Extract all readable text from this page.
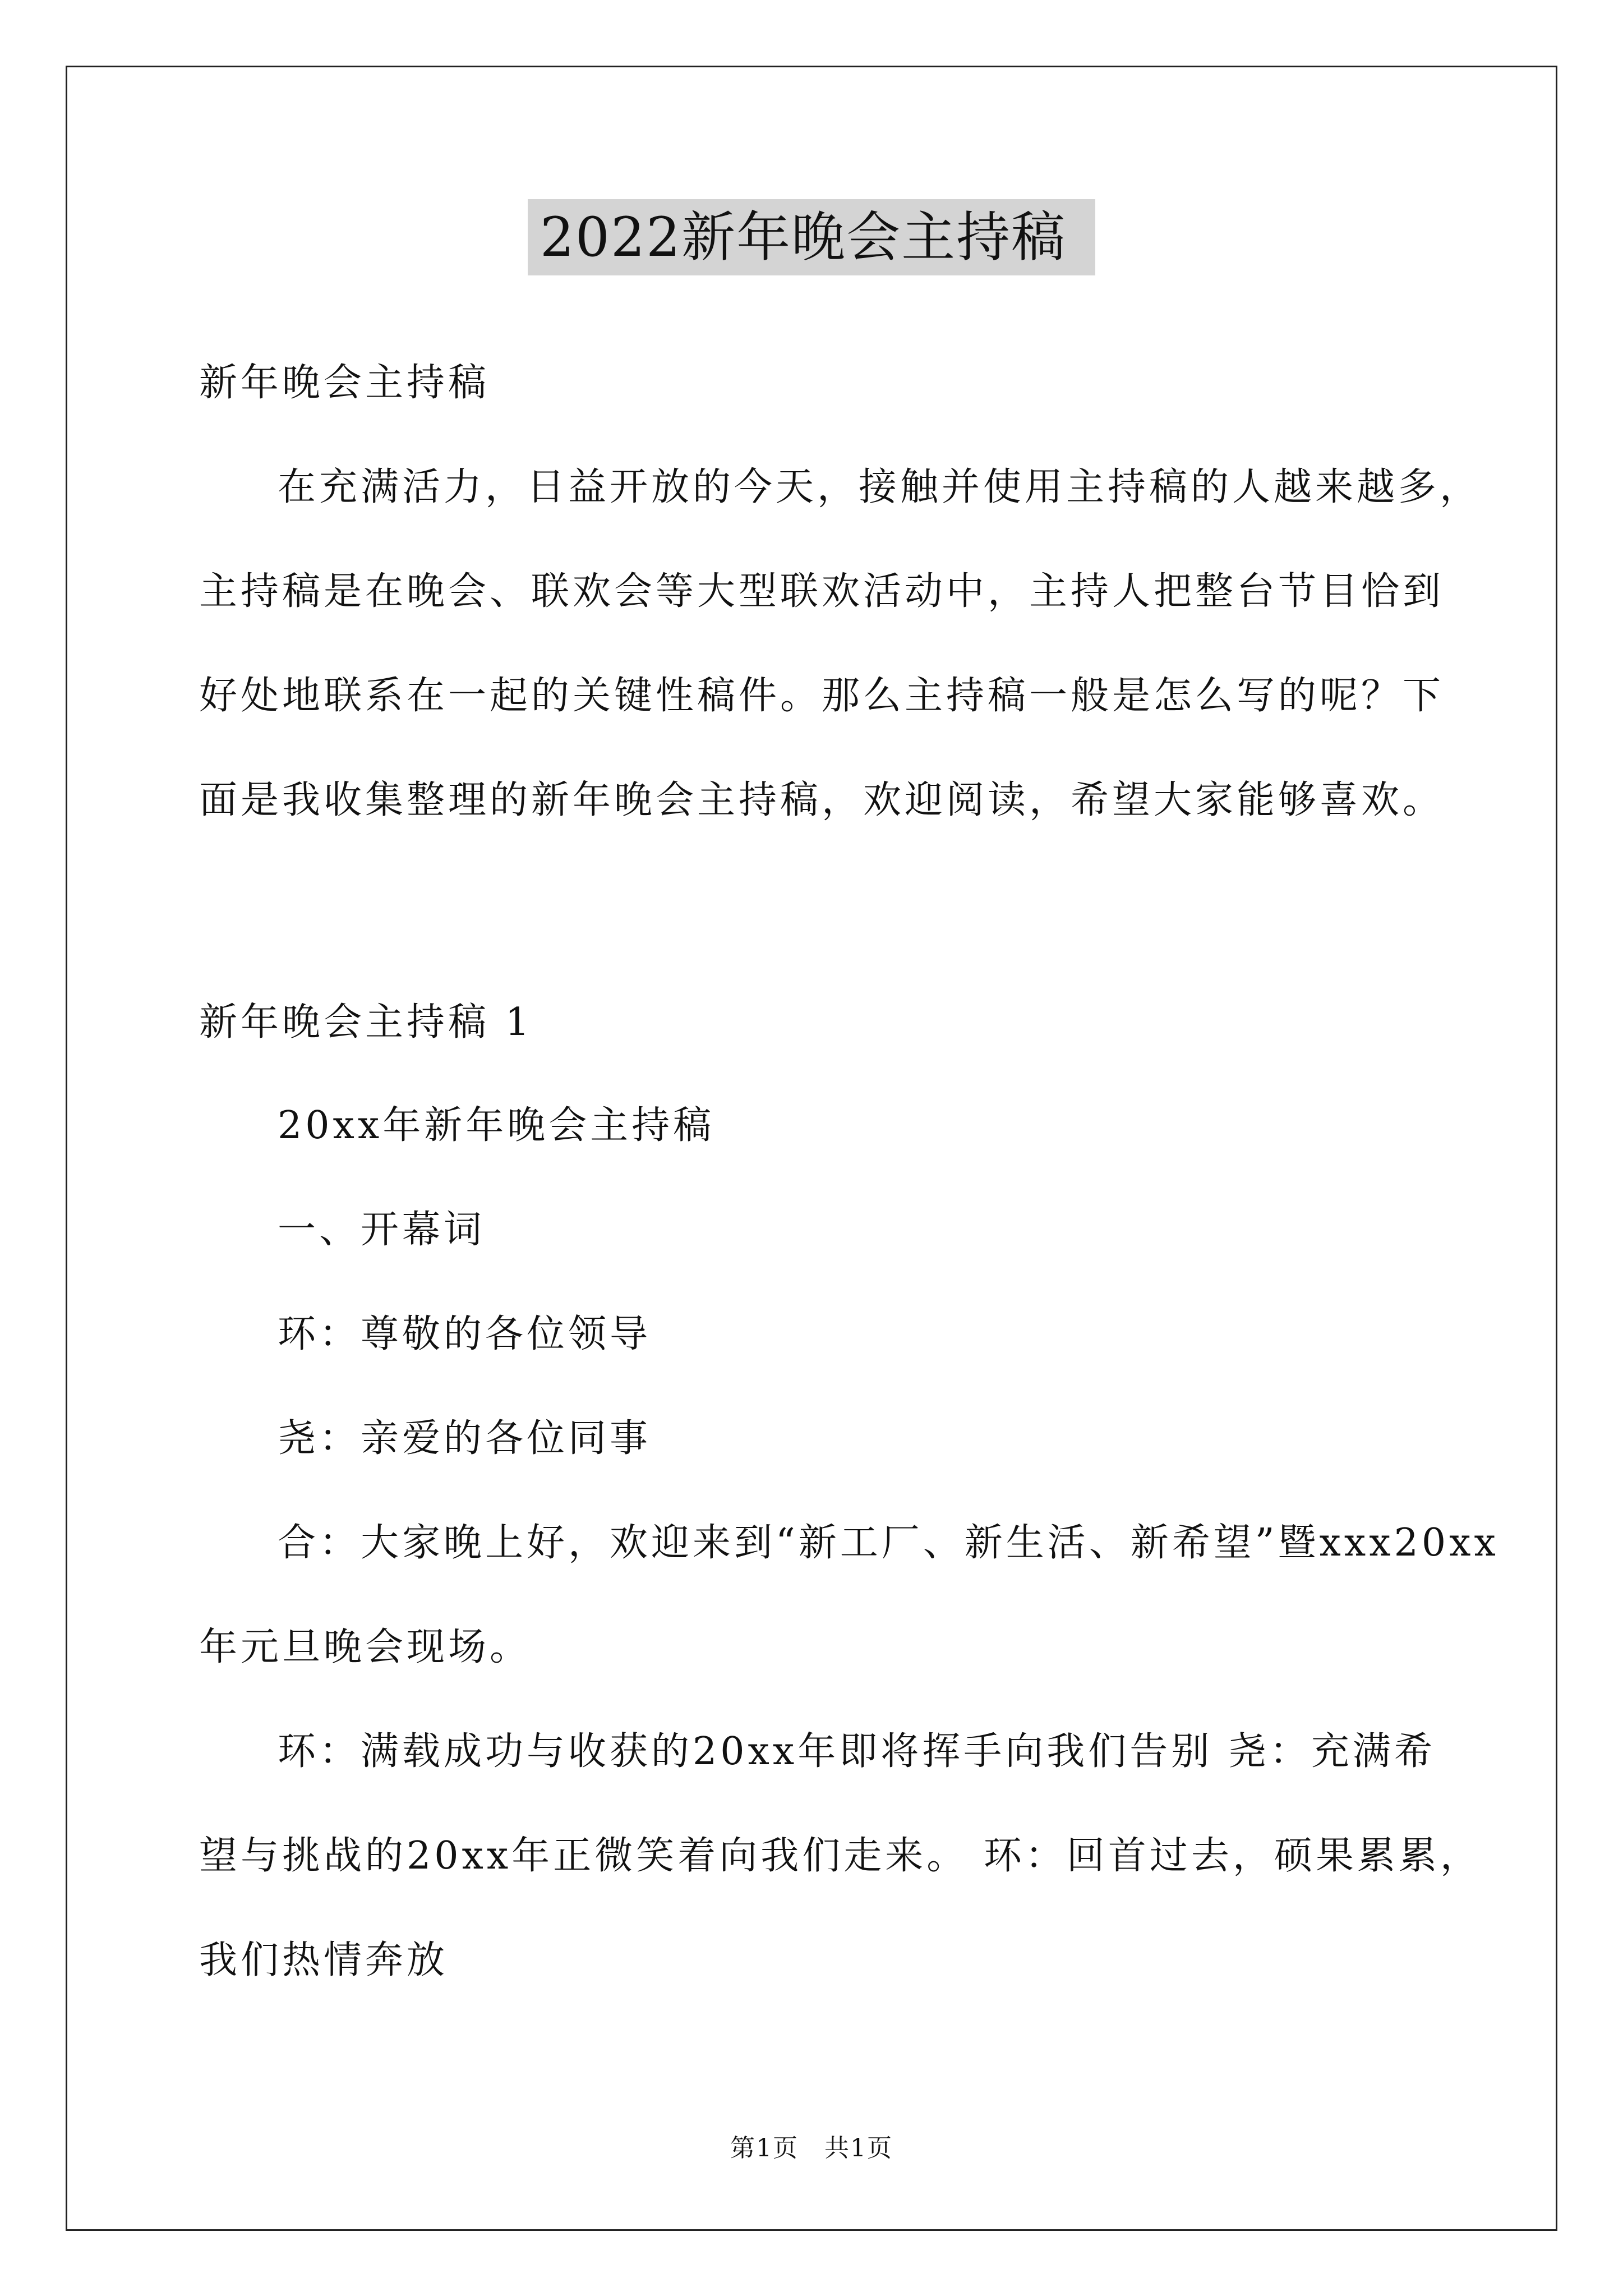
2022新年晚会主持稿

新年晚会主持稿

在充满活力，日益开放的今天，接触并使用主持稿的人越来越多，

主持稿是在晚会、联欢会等大型联欢活动中，主持人把整台节目恰到

好处地联系在一起的关键性稿件。那么主持稿一般是怎么写的呢？下

面是我收集整理的新年晚会主持稿，欢迎阅读，希望大家能够喜欢。

新年晚会主持稿 1

20xx年新年晚会主持稿

一、开幕词

环：尊敬的各位领导

尧：亲爱的各位同事

合：大家晚上好，欢迎来到“新工厂、新生活、新希望”暨xxx20xx

年元旦晚会现场。

环：满载成功与收获的20xx年即将挥手向我们告别 尧：充满希

望与挑战的20xx年正微笑着向我们走来。 环：回首过去，硕果累累，

我们热情奔放

第1页 共1页
